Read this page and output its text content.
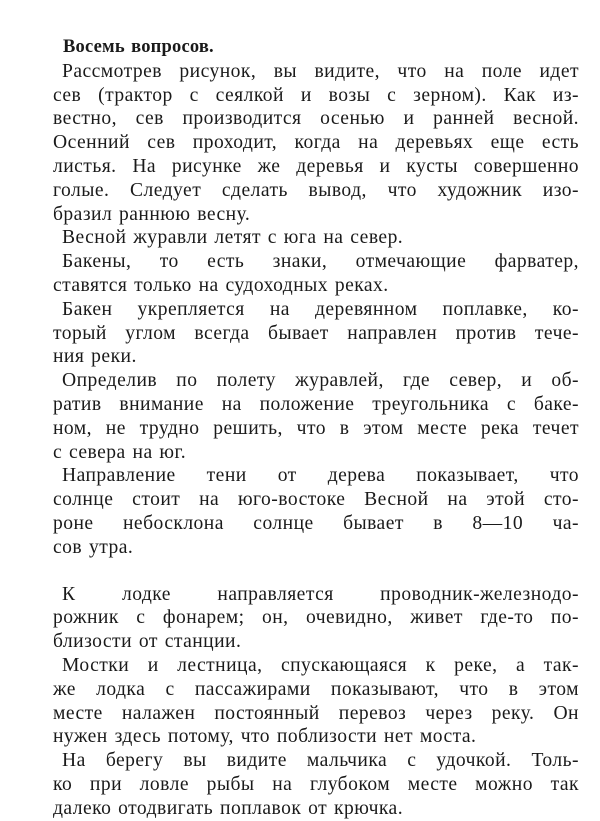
Восемь вопросов.
Рассмотрев рисунок, вы видите, что на поле идет
сев (трактор с сеялкой и возы с зерном). Как из-
вестно, сев производится осенью и ранней весной.
Осенний сев проходит, когда на деревьях еще есть
листья. На рисунке же деревья и кусты совершенно
голые. Следует сделать вывод, что художник изо-
бразил раннюю весну.
Весной журавли летят с юга на север.
Бакены, то есть знаки, отмечающие фарватер,
ставятся только на судоходных реках.
Бакен укрепляется на деревянном поплавке, ко-
торый углом всегда бывает направлен против тече-
ния реки.
Определив по полету журавлей, где север, и об-
ратив внимание на положение треугольника с баке-
ном, не трудно решить, что в этом месте река течет
с севера на юг.
Направление тени от дерева показывает, что
солнце стоит на юго-востоке Весной на этой сто-
роне небосклона солнце бывает в 8—10 ча-
сов утра.
К лодке направляется проводник-железнодо-
рожник с фонарем; он, очевидно, живет где-то по-
близости от станции.
Мостки и лестница, спускающаяся к реке, а так-
же лодка с пассажирами показывают, что в этом
месте налажен постоянный перевоз через реку. Он
нужен здесь потому, что поблизости нет моста.
На берегу вы видите мальчика с удочкой. Толь-
ко при ловле рыбы на глубоком месте можно так
далеко отодвигать поплавок от крючка.
